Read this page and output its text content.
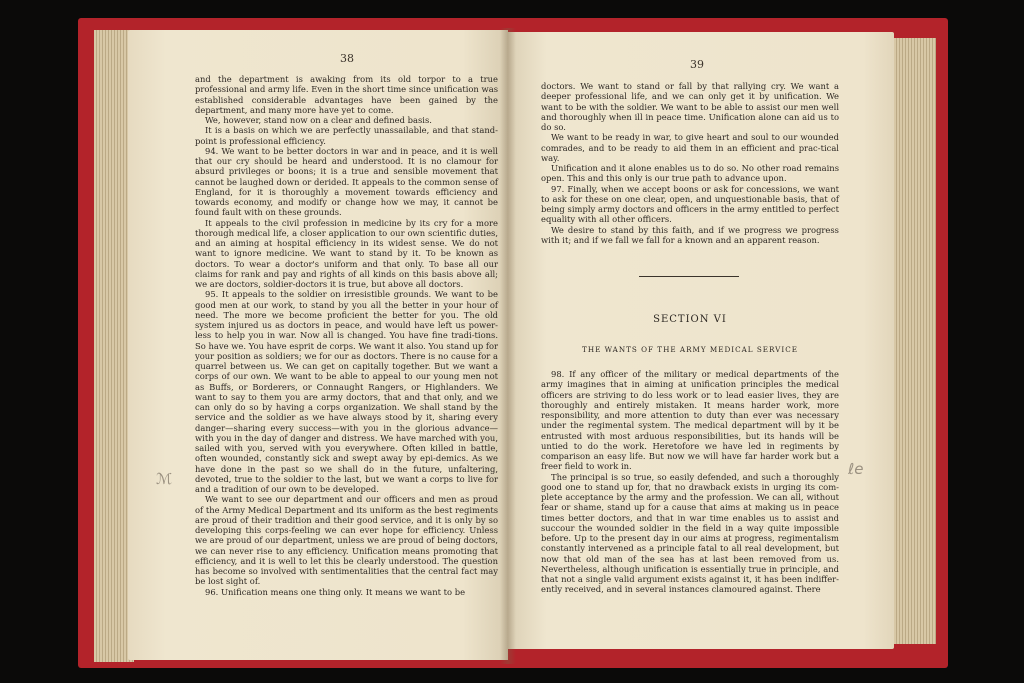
38

and the department is awaking from its old torpor to a true professional and army life. Even in the short time since unification was established considerable advantages have been gained by the department, and many more have yet to come.

We, however, stand now on a clear and defined basis.

It is a basis on which we are perfectly unassailable, and that stand-point is professional efficiency.

94. We want to be better doctors in war and in peace, and it is well that our cry should be heard and understood. It is no clamour for absurd privileges or boons; it is a true and sensible movement that cannot be laughed down or derided. It appeals to the common sense of England, for it is thoroughly a movement towards efficiency and towards economy, and modify or change how we may, it cannot be found fault with on these grounds.

It appeals to the civil profession in medicine by its cry for a more thorough medical life, a closer application to our own scientific duties, and an aiming at hospital efficiency in its widest sense. We do not want to ignore medicine. We want to stand by it. To be known as doctors. To wear a doctor's uniform and that only. To base all our claims for rank and pay and rights of all kinds on this basis above all; we are doctors, soldier-doctors it is true, but above all doctors.

95. It appeals to the soldier on irresistible grounds. We want to be good men at our work, to stand by you all the better in your hour of need. The more we become proficient the better for you. The old system injured us as doctors in peace, and would have left us power-less to help you in war. Now all is changed. You have fine tradi-tions. So have we. You have esprit de corps. We want it also. You stand up for your position as soldiers; we for our as doctors. There is no cause for a quarrel between us. We can get on capitally together. But we want a corps of our own. We want to be able to appeal to our young men not as Buffs, or Borderers, or Connaught Rangers, or Highlanders. We want to say to them you are army doctors, that and that only, and we can only do so by having a corps organization. We shall stand by the service and the soldier as we have always stood by it, sharing every danger—sharing every success—with you in the glorious advance—with you in the day of danger and distress. We have marched with you, sailed with you, served with you everywhere. Often killed in battle, often wounded, constantly sick and swept away by epi-demics. As we have done in the past so we shall do in the future, unfaltering, devoted, true to the soldier to the last, but we want a corps to live for and a tradition of our own to be developed.

We want to see our department and our officers and men as proud of the Army Medical Department and its uniform as the best regiments are proud of their tradition and their good service, and it is only by so developing this corps-feeling we can ever hope for efficiency. Unless we are proud of our department, unless we are proud of being doctors, we can never rise to any efficiency. Unification means promoting that efficiency, and it is well to let this be clearly understood. The question has become so involved with sentimentalities that the central fact may be lost sight of.

96. Unification means one thing only. It means we want to be

ℳ
39

doctors. We want to stand or fall by that rallying cry. We want a deeper professional life, and we can only get it by unification. We want to be with the soldier. We want to be able to assist our men well and thoroughly when ill in peace time. Unification alone can aid us to do so.

We want to be ready in war, to give heart and soul to our wounded comrades, and to be ready to aid them in an efficient and prac-tical way.

Unification and it alone enables us to do so. No other road remains open. This and this only is our true path to advance upon.

97. Finally, when we accept boons or ask for concessions, we want to ask for these on one clear, open, and unquestionable basis, that of being simply army doctors and officers in the army entitled to perfect equality with all other officers.

We desire to stand by this faith, and if we progress we progress with it; and if we fall we fall for a known and an apparent reason.

SECTION VI
THE WANTS OF THE ARMY MEDICAL SERVICE

98. If any officer of the military or medical departments of the army imagines that in aiming at unification principles the medical officers are striving to do less work or to lead easier lives, they are thoroughly and entirely mistaken. It means harder work, more responsibility, and more attention to duty than ever was necessary under the regimental system. The medical department will by it be entrusted with most arduous responsibilities, but its hands will be untied to do the work. Heretofore we have led in regiments by comparison an easy life. But now we will have far harder work but a freer field to work in.

The principal is so true, so easily defended, and such a thoroughly good one to stand up for, that no drawback exists in urging its com-plete acceptance by the army and the profession. We can all, without fear or shame, stand up for a cause that aims at making us in peace times better doctors, and that in war time enables us to assist and succour the wounded soldier in the field in a way quite impossible before. Up to the present day in our aims at progress, regimentalism constantly intervened as a principle fatal to all real development, but now that old man of the sea has at last been removed from us. Nevertheless, although unification is essentially true in principle, and that not a single valid argument exists against it, it has been indiffer-ently received, and in several instances clamoured against. There

ℓe
